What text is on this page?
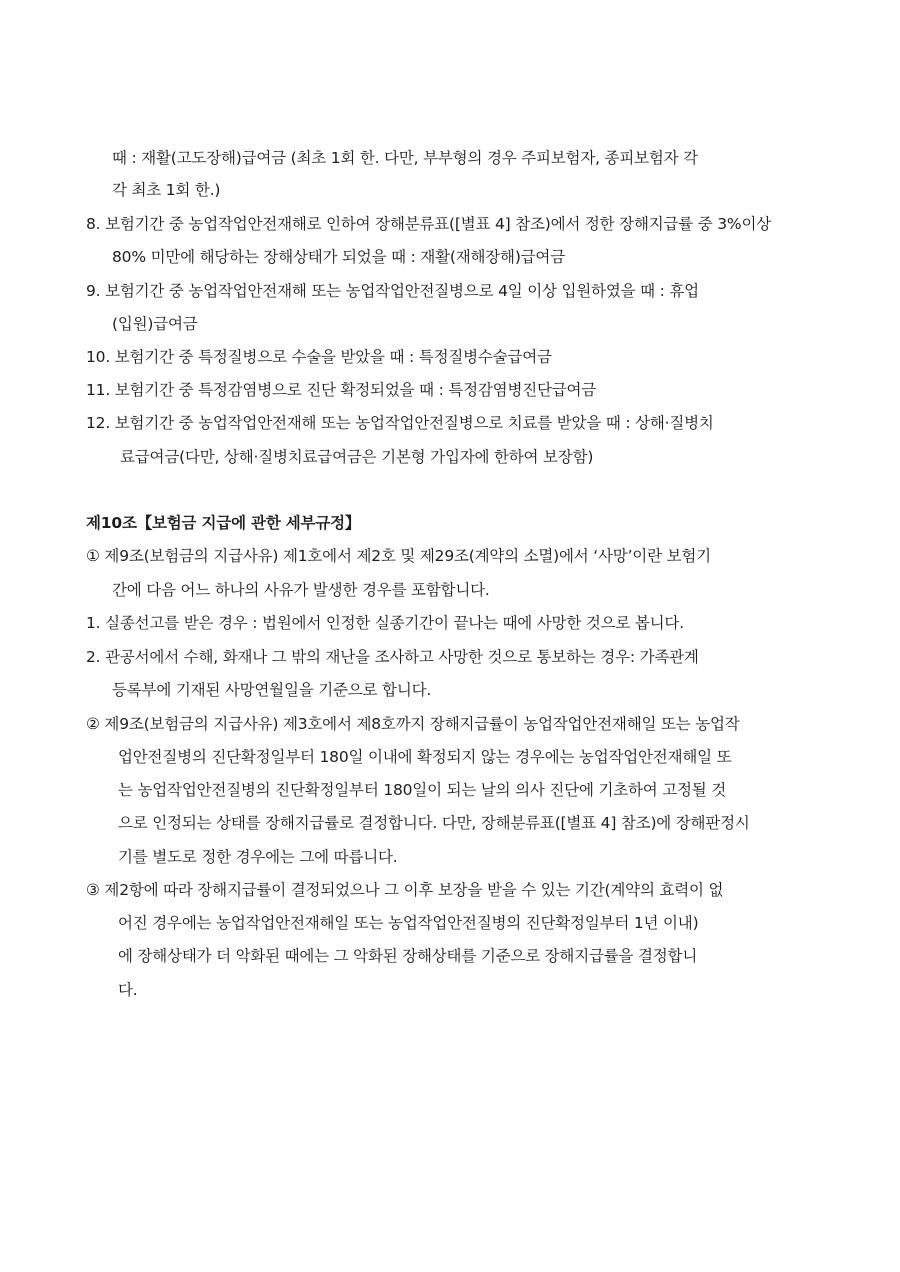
때 : 재활(고도장해)급여금 (최초 1회 한. 다만, 부부형의 경우 주피보험자, 종피보험자 각
각 최초 1회 한.)
8. 보험기간 중 농업작업안전재해로 인하여 장해분류표([별표 4] 참조)에서 정한 장해지급률 중 3%이상
80% 미만에 해당하는 장해상태가 되었을 때 : 재활(재해장해)급여금
9. 보험기간 중 농업작업안전재해 또는 농업작업안전질병으로 4일 이상 입원하였을 때 : 휴업
(입원)급여금
10. 보험기간 중 특정질병으로 수술을 받았을 때 : 특정질병수술급여금
11. 보험기간 중 특정감염병으로 진단 확정되었을 때 : 특정감염병진단급여금
12. 보험기간 중 농업작업안전재해 또는 농업작업안전질병으로 치료를 받았을 때 : 상해·질병치
료급여금(다만, 상해·질병치료급여금은 기본형 가입자에 한하여 보장함)
제10조【보험금 지급에 관한 세부규정】
① 제9조(보험금의 지급사유) 제1호에서 제2호 및 제29조(계약의 소멸)에서 ‘사망’이란 보험기
간에 다음 어느 하나의 사유가 발생한 경우를 포함합니다.
1. 실종선고를 받은 경우 : 법원에서 인정한 실종기간이 끝나는 때에 사망한 것으로 봅니다.
2. 관공서에서 수해, 화재나 그 밖의 재난을 조사하고 사망한 것으로 통보하는 경우: 가족관계
등록부에 기재된 사망연월일을 기준으로 합니다.
② 제9조(보험금의 지급사유) 제3호에서 제8호까지 장해지급률이 농업작업안전재해일 또는 농업작
업안전질병의 진단확정일부터 180일 이내에 확정되지 않는 경우에는 농업작업안전재해일 또
는 농업작업안전질병의 진단확정일부터 180일이 되는 날의 의사 진단에 기초하여 고정될 것
으로 인정되는 상태를 장해지급률로 결정합니다. 다만, 장해분류표([별표 4] 참조)에 장해판정시
기를 별도로 정한 경우에는 그에 따릅니다.
③ 제2항에 따라 장해지급률이 결정되었으나 그 이후 보장을 받을 수 있는 기간(계약의 효력이 없
어진 경우에는 농업작업안전재해일 또는 농업작업안전질병의 진단확정일부터 1년 이내)
에 장해상태가 더 악화된 때에는 그 악화된 장해상태를 기준으로 장해지급률을 결정합니
다.
